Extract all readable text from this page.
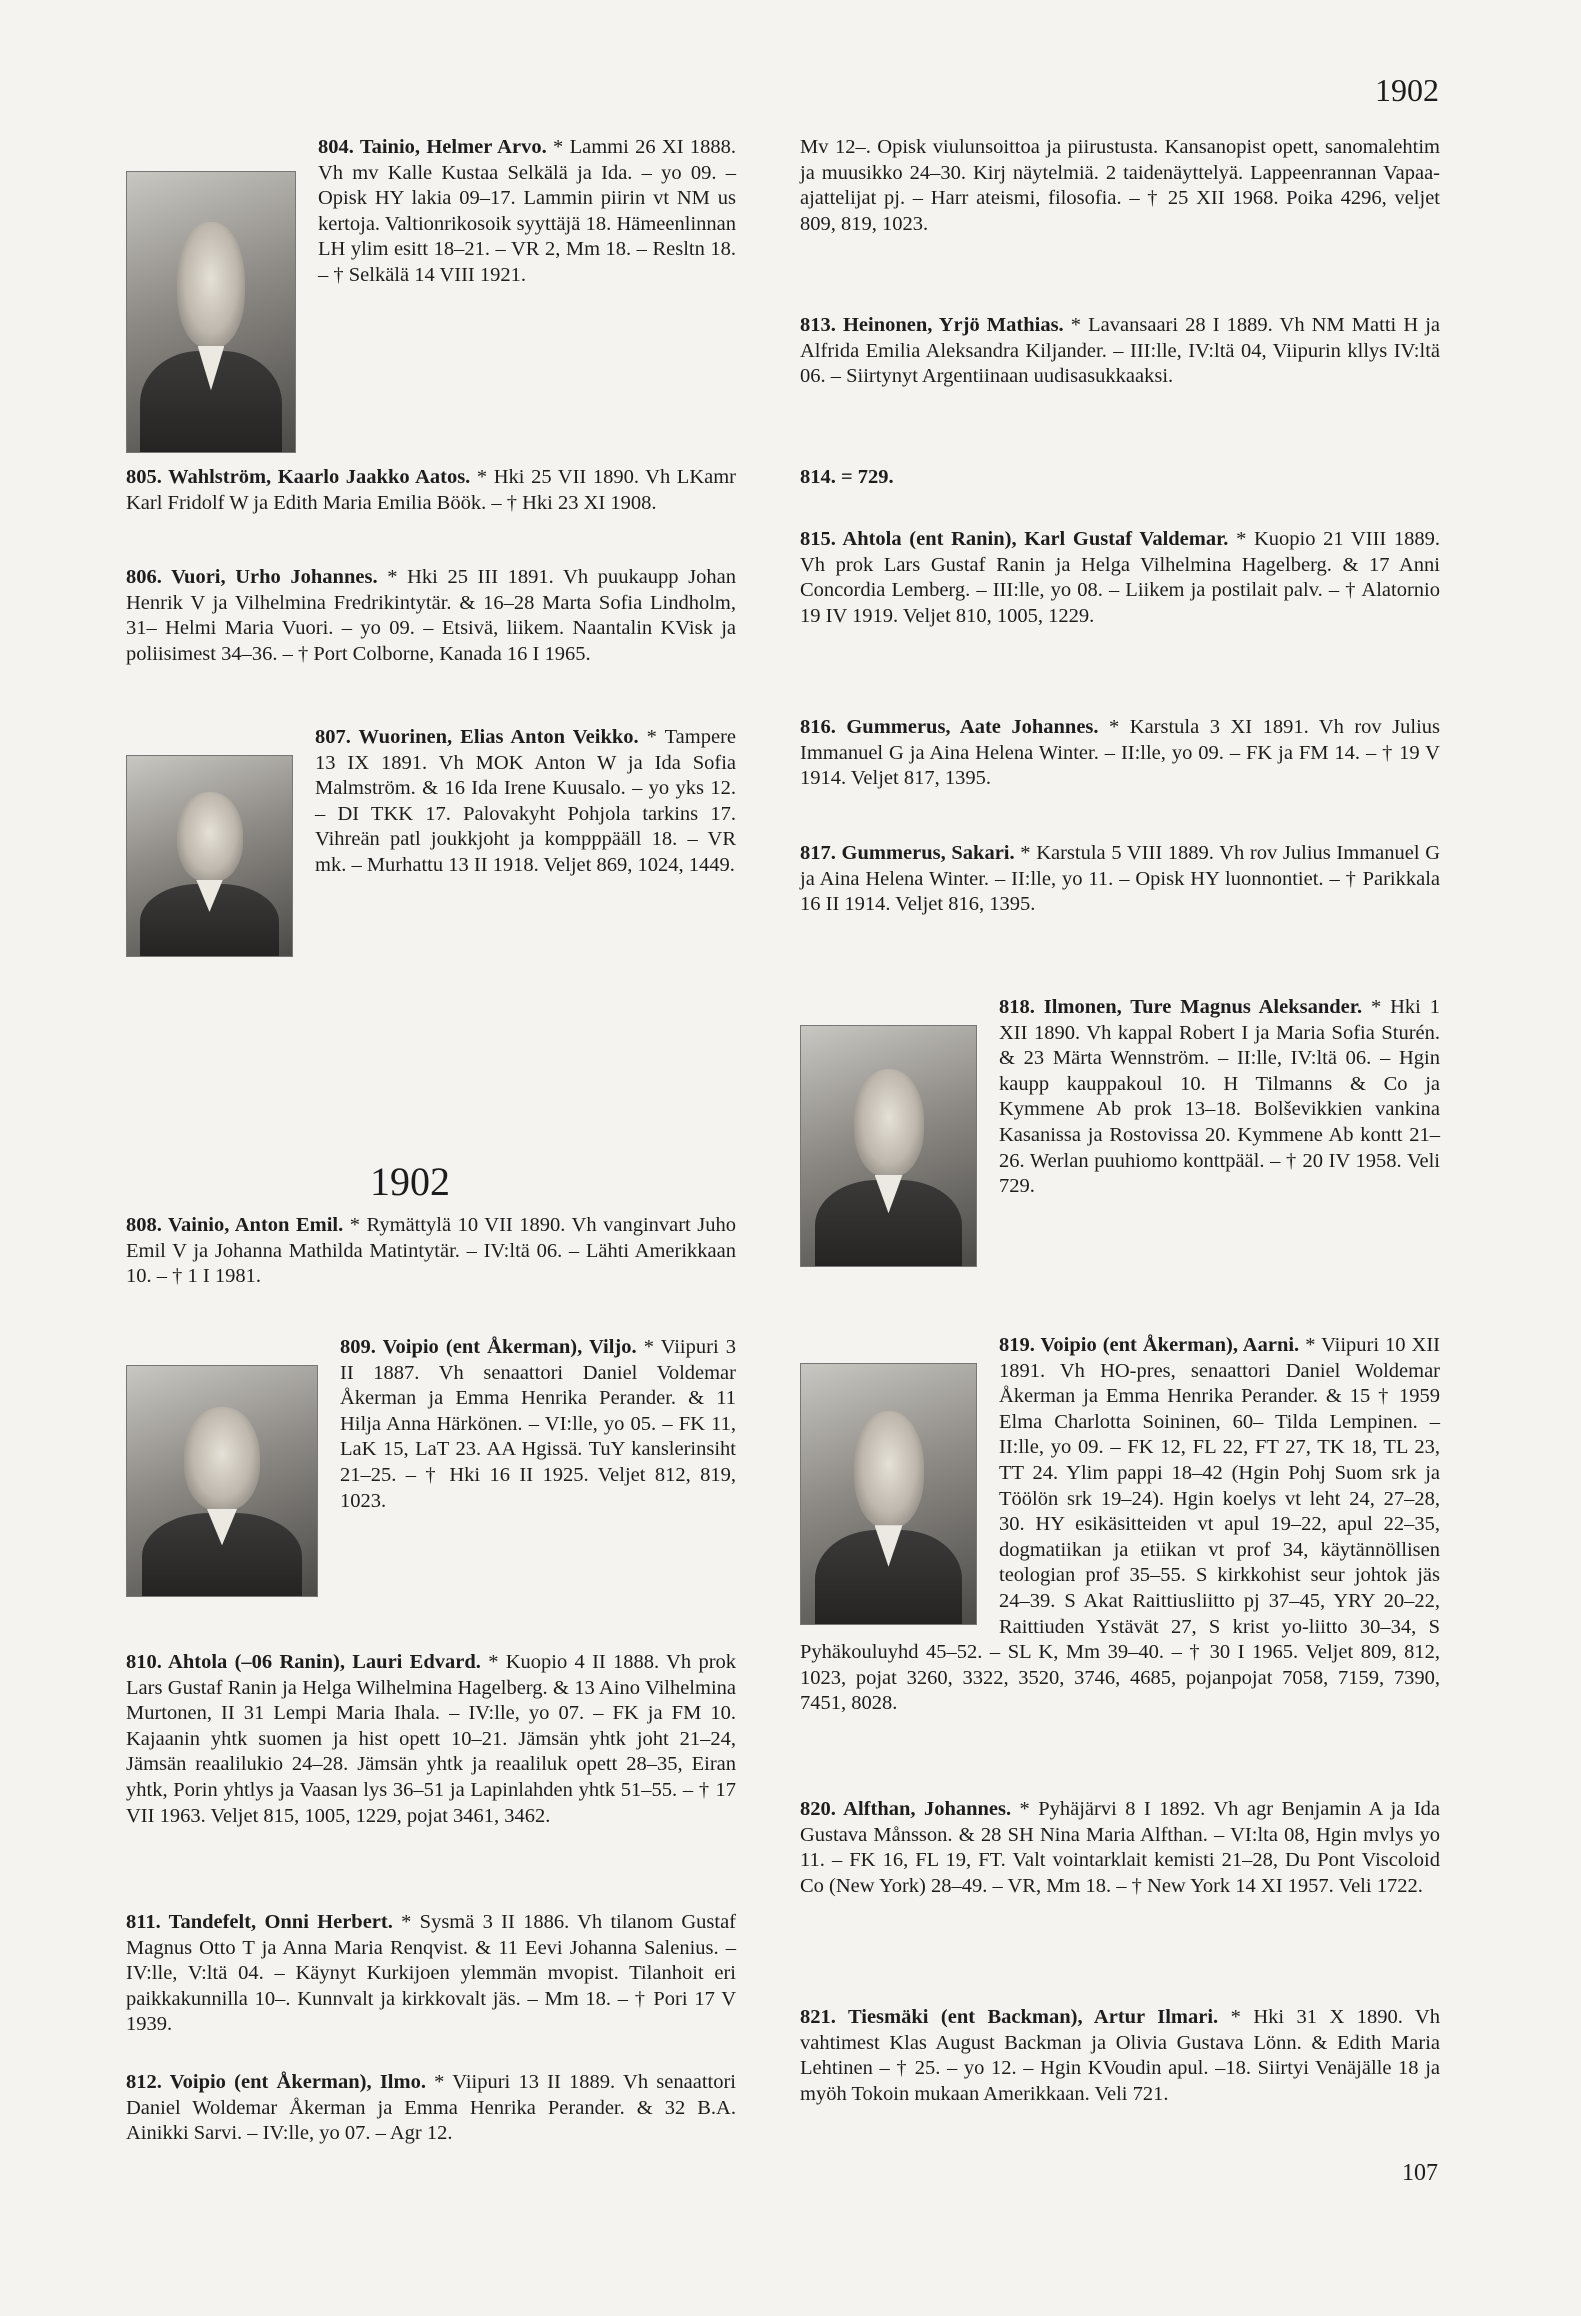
1902
804. Tainio, Helmer Arvo. * Lammi 26 XI 1888. Vh mv Kalle Kustaa Selkälä ja Ida. – yo 09. – Opisk HY lakia 09–17. Lammin piirin vt NM us kertoja. Valtionrikosoik syyttäjä 18. Hämeenlinnan LH ylim esitt 18–21. – VR 2, Mm 18. – Resltn 18. – † Selkälä 14 VIII 1921.
805. Wahlström, Kaarlo Jaakko Aatos. * Hki 25 VII 1890. Vh LKamr Karl Fridolf W ja Edith Maria Emilia Böök. – † Hki 23 XI 1908.
806. Vuori, Urho Johannes. * Hki 25 III 1891. Vh puukaupp Johan Henrik V ja Vilhelmina Fredrikintytär. & 16–28 Marta Sofia Lindholm, 31– Helmi Maria Vuori. – yo 09. – Etsivä, liikem. Naantalin KVisk ja poliisimest 34–36. – † Port Colborne, Kanada 16 I 1965.
807. Wuorinen, Elias Anton Veikko. * Tampere 13 IX 1891. Vh MOK Anton W ja Ida Sofia Malmström. & 16 Ida Irene Kuusalo. – yo yks 12. – DI TKK 17. Palovakyht Pohjola tarkins 17. Vihreän patl joukkjoht ja kompppääll 18. – VR mk. – Murhattu 13 II 1918. Veljet 869, 1024, 1449.
808. Vainio, Anton Emil. * Rymättylä 10 VII 1890. Vh vanginvart Juho Emil V ja Johanna Mathilda Matintytär. – IV:ltä 06. – Lähti Amerikkaan 10. – † 1 I 1981.
809. Voipio (ent Åkerman), Viljo. * Viipuri 3 II 1887. Vh senaattori Daniel Voldemar Åkerman ja Emma Henrika Perander. & 11 Hilja Anna Härkönen. – VI:lle, yo 05. – FK 11, LaK 15, LaT 23. AA Hgissä. TuY kanslerinsiht 21–25. – † Hki 16 II 1925. Veljet 812, 819, 1023.
810. Ahtola (–06 Ranin), Lauri Edvard. * Kuopio 4 II 1888. Vh prok Lars Gustaf Ranin ja Helga Wilhelmina Hagelberg. & 13 Aino Vilhelmina Murtonen, II 31 Lempi Maria Ihala. – IV:lle, yo 07. – FK ja FM 10. Kajaanin yhtk suomen ja hist opett 10–21. Jämsän yhtk joht 21–24, Jämsän reaalilukio 24–28. Jämsän yhtk ja reaaliluk opett 28–35, Eiran yhtk, Porin yhtlys ja Vaasan lys 36–51 ja Lapinlahden yhtk 51–55. – † 17 VII 1963. Veljet 815, 1005, 1229, pojat 3461, 3462.
811. Tandefelt, Onni Herbert. * Sysmä 3 II 1886. Vh tilanom Gustaf Magnus Otto T ja Anna Maria Renqvist. & 11 Eevi Johanna Salenius. – IV:lle, V:ltä 04. – Käynyt Kurkijoen ylemmän mvopist. Tilanhoit eri paikkakunnilla 10–. Kunnvalt ja kirkkovalt jäs. – Mm 18. – † Pori 17 V 1939.
812. Voipio (ent Åkerman), Ilmo. * Viipuri 13 II 1889. Vh senaattori Daniel Woldemar Åkerman ja Emma Henrika Perander. & 32 B.A. Ainikki Sarvi. – IV:lle, yo 07. – Agr 12.
1902
Mv 12–. Opisk viulunsoittoa ja piirustusta. Kansanopist opett, sanomalehtim ja muusikko 24–30. Kirj näytelmiä. 2 taidenäyttelyä. Lappeenrannan Vapaa-ajattelijat pj. – Harr ateismi, filosofia. – † 25 XII 1968. Poika 4296, veljet 809, 819, 1023.
813. Heinonen, Yrjö Mathias. * Lavansaari 28 I 1889. Vh NM Matti H ja Alfrida Emilia Aleksandra Kiljander. – III:lle, IV:ltä 04, Viipurin kllys IV:ltä 06. – Siirtynyt Argentiinaan uudisasukkaaksi.
814. = 729.
815. Ahtola (ent Ranin), Karl Gustaf Valdemar. * Kuopio 21 VIII 1889. Vh prok Lars Gustaf Ranin ja Helga Vilhelmina Hagelberg. & 17 Anni Concordia Lemberg. – III:lle, yo 08. – Liikem ja postilait palv. – † Alatornio 19 IV 1919. Veljet 810, 1005, 1229.
816. Gummerus, Aate Johannes. * Karstula 3 XI 1891. Vh rov Julius Immanuel G ja Aina Helena Winter. – II:lle, yo 09. – FK ja FM 14. – † 19 V 1914. Veljet 817, 1395.
817. Gummerus, Sakari. * Karstula 5 VIII 1889. Vh rov Julius Immanuel G ja Aina Helena Winter. – II:lle, yo 11. – Opisk HY luonnontiet. – † Parikkala 16 II 1914. Veljet 816, 1395.
818. Ilmonen, Ture Magnus Aleksander. * Hki 1 XII 1890. Vh kappal Robert I ja Maria Sofia Sturén. & 23 Märta Wennström. – II:lle, IV:ltä 06. – Hgin kaupp kauppakoul 10. H Tilmanns & Co ja Kymmene Ab prok 13–18. Bolševikkien vankina Kasanissa ja Rostovissa 20. Kymmene Ab kontt 21–26. Werlan puuhiomo konttpääl. – † 20 IV 1958. Veli 729.
819. Voipio (ent Åkerman), Aarni. * Viipuri 10 XII 1891. Vh HO-pres, senaattori Daniel Woldemar Åkerman ja Emma Henrika Perander. & 15 † 1959 Elma Charlotta Soininen, 60– Tilda Lempinen. – II:lle, yo 09. – FK 12, FL 22, FT 27, TK 18, TL 23, TT 24. Ylim pappi 18–42 (Hgin Pohj Suom srk ja Töölön srk 19–24). Hgin koelys vt leht 24, 27–28, 30. HY esikäsitteiden vt apul 19–22, apul 22–35, dogmatiikan ja etiikan vt prof 34, käytännöllisen teologian prof 35–55. S kirkkohist seur johtok jäs 24–39. S Akat Raittiusliitto pj 37–45, YRY 20–22, Raittiuden Ystävät 27, S krist yo-liitto 30–34, S Pyhäkouluyhd 45–52. – SL K, Mm 39–40. – † 30 I 1965. Veljet 809, 812, 1023, pojat 3260, 3322, 3520, 3746, 4685, pojanpojat 7058, 7159, 7390, 7451, 8028.
820. Alfthan, Johannes. * Pyhäjärvi 8 I 1892. Vh agr Benjamin A ja Ida Gustava Månsson. & 28 SH Nina Maria Alfthan. – VI:lta 08, Hgin mvlys yo 11. – FK 16, FL 19, FT. Valt vointarklait kemisti 21–28, Du Pont Viscoloid Co (New York) 28–49. – VR, Mm 18. – † New York 14 XI 1957. Veli 1722.
821. Tiesmäki (ent Backman), Artur Ilmari. * Hki 31 X 1890. Vh vahtimest Klas August Backman ja Olivia Gustava Lönn. & Edith Maria Lehtinen – † 25. – yo 12. – Hgin KVoudin apul. –18. Siirtyi Venäjälle 18 ja myöh Tokoin mukaan Amerikkaan. Veli 721.
107
